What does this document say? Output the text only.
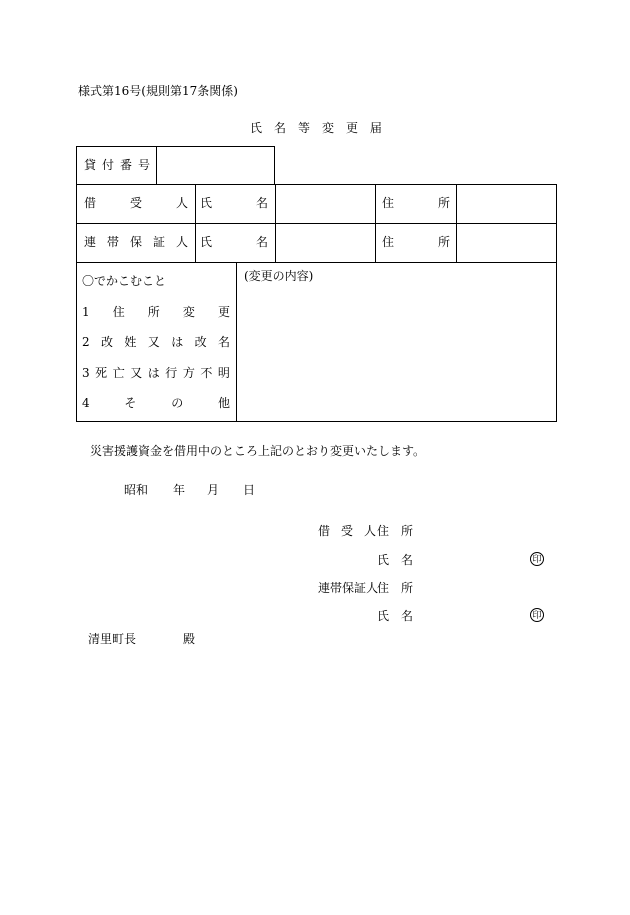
様式第16号(規則第17条関係)
氏 名 等 変 更 届
貸 付 番 号
借	受	人 氏	名	住	所
連 帯 保 証 人 氏	名	住	所
〇でかこむこと
1 住 所 変 更
2 改 姓 又 は 改 名
3 死 亡 又 は 行 方 不 明
4	そ	の	他
(変更の内容)
災害援護資金を借用中のところ上記のとおり変更いたします。
昭和 年 月 日
借 受 人 住 所
氏 名	印
連 帯 保 証 人
住 所
氏 名	印
清里町長	殿
